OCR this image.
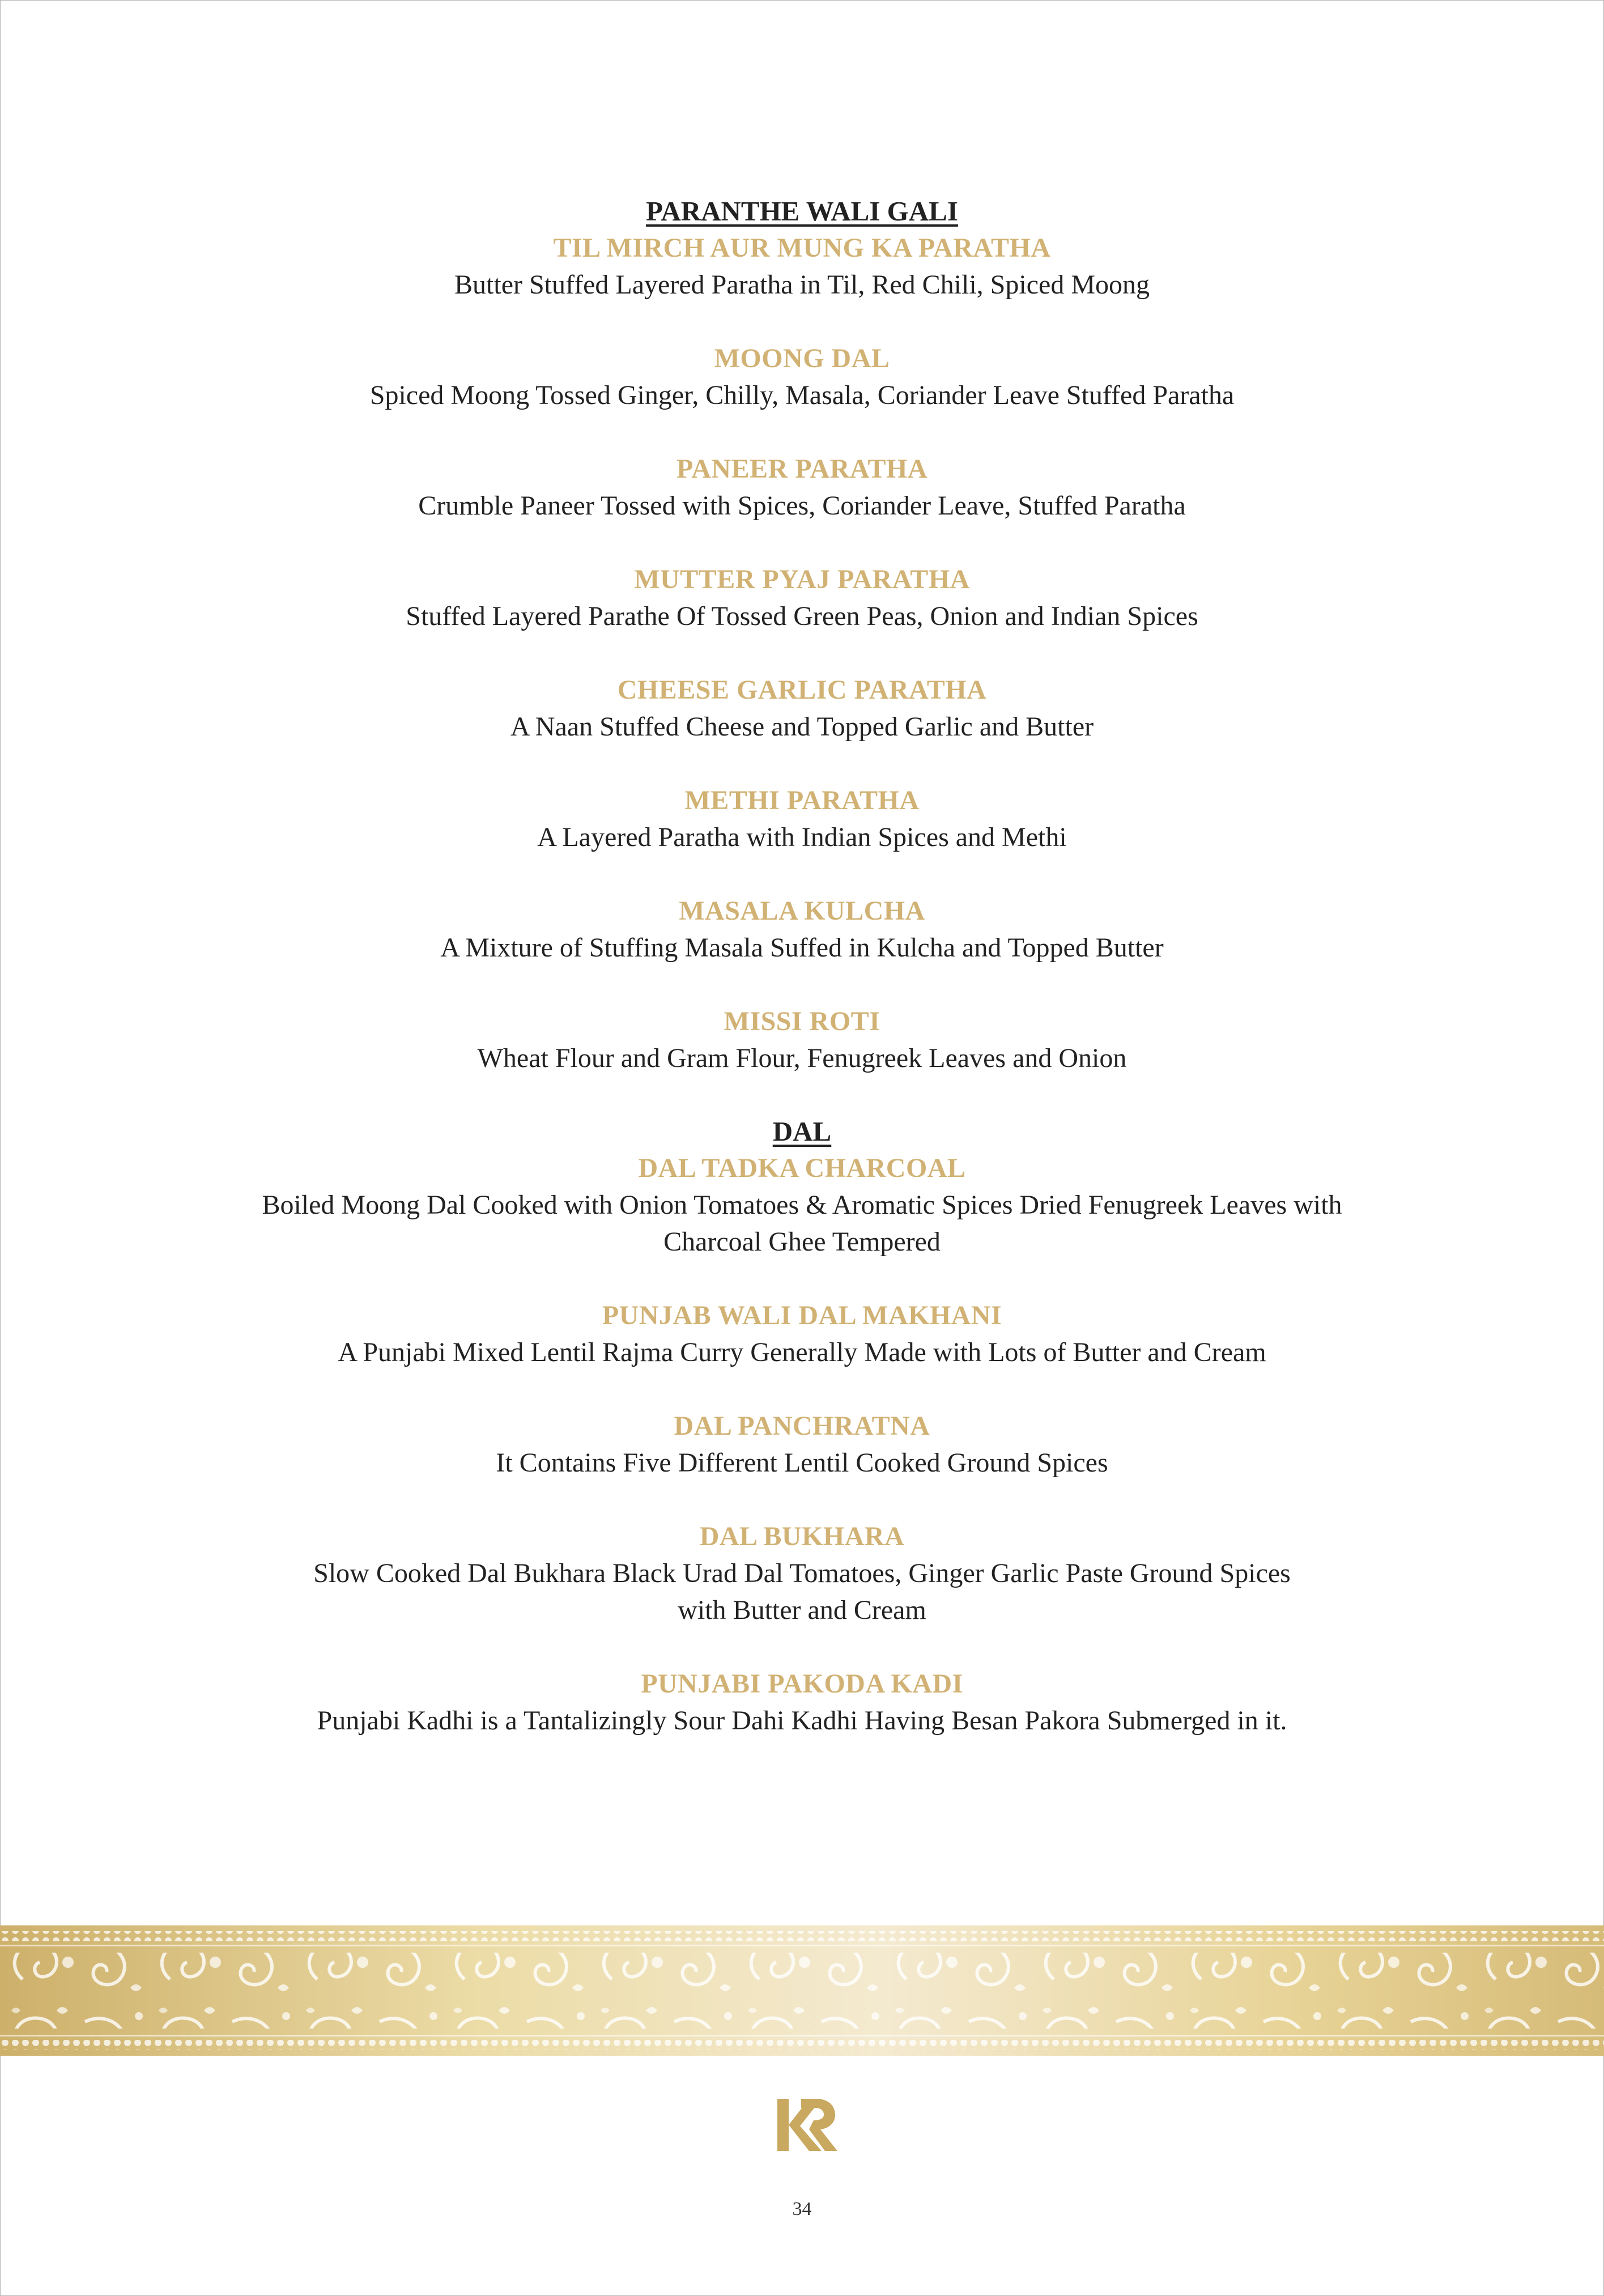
PARANTHE WALI GALI

TIL MIRCH AUR MUNG KA PARATHA

Butter Stuffed Layered Paratha in Til, Red Chili, Spiced Moong

MOONG DAL

Spiced Moong Tossed Ginger, Chilly, Masala, Coriander Leave Stuffed Paratha

PANEER PARATHA

Crumble Paneer Tossed with Spices, Coriander Leave, Stuffed Paratha

MUTTER PYAJ PARATHA

Stuffed Layered Parathe Of Tossed Green Peas, Onion and Indian Spices

CHEESE GARLIC PARATHA

A Naan Stuffed Cheese and Topped Garlic and Butter

METHI PARATHA

A Layered Paratha with Indian Spices and Methi

MASALA KULCHA

A Mixture of Stuffing Masala Suffed in Kulcha and Topped Butter

MISSI ROTI

Wheat Flour and Gram Flour, Fenugreek Leaves and Onion

DAL

DAL TADKA CHARCOAL

Boiled Moong Dal Cooked with Onion Tomatoes & Aromatic Spices Dried Fenugreek Leaves with Charcoal Ghee Tempered

PUNJAB WALI DAL MAKHANI

A Punjabi Mixed Lentil Rajma Curry Generally Made with Lots of Butter and Cream

DAL PANCHRATNA

It Contains Five Different Lentil Cooked Ground Spices

DAL BUKHARA

Slow Cooked Dal Bukhara Black Urad Dal Tomatoes, Ginger Garlic Paste Ground Spices with Butter and Cream

PUNJABI PAKODA KADI

Punjabi Kadhi is a Tantalizingly Sour Dahi Kadhi Having Besan Pakora Submerged in it.

34
